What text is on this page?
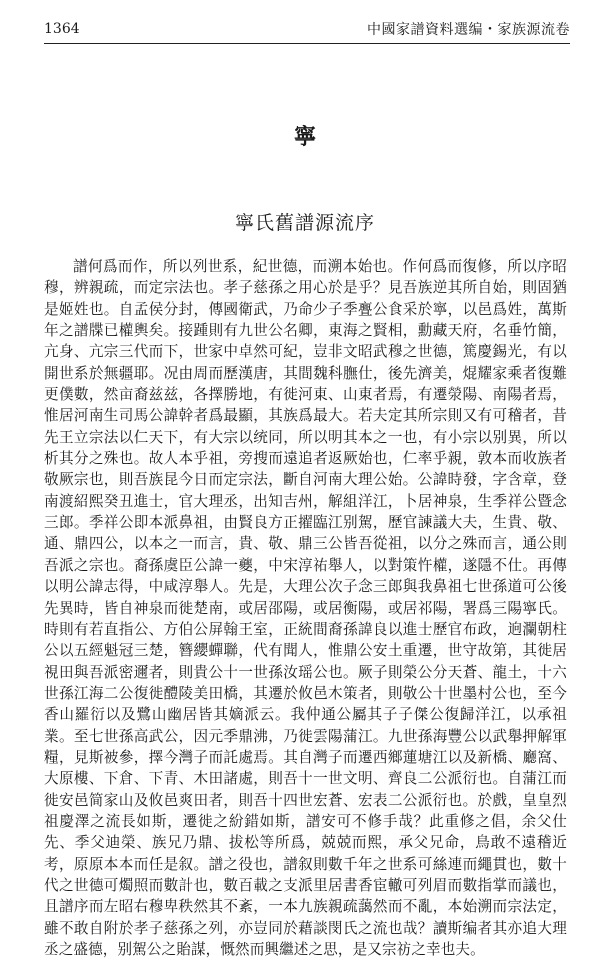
1364	中國家譜資料選编・家族源流卷
寧
寧氏舊譜源流序
譜何爲而作，所以列世系，紀世德，而溯本始也。作何爲而復修，所以序昭穆，辨親疏，而定宗法也。孝子慈孫之用心於是乎？見吾族逆其所自始，則固猶是姬姓也。自孟侯分封，傳國衛武，乃命少子季亹公食采於寧，以邑爲姓，萬斯年之譜牒已權輿矣。接踵則有九世公名卿，東海之賢相，勳藏天府，名垂竹簡，亢身、亢宗三代而下，世家中卓然可紀，豈非文昭武穆之世德，篤慶錫光，有以開世系於無疆耶。况由周而歷漢唐，其間魏科膴仕，後先濟美，焜耀家乘者復難更僕數，然亩裔兹兹，各擇勝地，有徙河東、山東者焉，有遷滎陽、南陽者焉，惟居河南生司馬公諱幹者爲最顯，其族爲最大。若夫定其所宗則又有可稽者，昔先王立宗法以仁天下，有大宗以统同，所以明其本之一也，有小宗以别異，所以析其分之殊也。故人本乎祖，旁搜而遠追者返厥始也，仁率乎親，敦本而收族者敬厥宗也，則吾族昆今日而定宗法，斷自河南大理公始。公諱時發，字含章，登南渡紹熙癸丑進士，官大理丞，出知吉州，解組洋江，卜居神泉，生季祥公暨念三郎。季祥公即本派鼻祖，由賢良方正擢臨江别駕，歷官諫議大夫，生貴、敬、通、鼎四公，以本之一而言，貴、敬、鼎三公皆吾從祖，以分之殊而言，通公則吾派之宗也。裔孫虞臣公諱一夔，中宋淳祐舉人，以對策忤權，遂隱不仕。再傳以明公諱志得，中咸淳舉人。先是，大理公次子念三郎與我鼻祖七世孫道可公後先異時，皆自神泉而徙楚南，或居邵陽，或居衡陽，或居祁陽，署爲三陽寧氏。時則有若直指公、方伯公屏翰王室，正統間裔孫諱良以進士歷官布政，逈瀾朝柱公以五經魁冠三楚，簪纓蟬聯，代有聞人，惟鼎公安土重遷，世守故第，其徙居視田與吾派密邇者，則貴公十一世孫汝瑶公也。厥子則榮公分天蒼、龍土，十六世孫江海二公復徙醴陵美田橋，其遷於攸邑木策者，則敬公十世墨村公也，至今香山羅衍以及鷺山幽居皆其嫡派云。我仲通公屬其子子傑公復歸洋江，以承祖業。至七世孫高武公，因元季鼎沸，乃徙雲陽蒲江。九世孫海豐公以武舉押解軍糧，見斯被參，擇今灣子而託處焉。其自灣子而遷西鄉蓮塘江以及新橋、廳窩、大原樓、下倉、下青、木田諸處，則吾十一世文明、齊良二公派衍也。自蒲江而徙安邑简家山及攸邑爽田者，則吾十四世宏蒼、宏表二公派衍也。於戲，皇皇烈祖慶澤之流長如斯，遷徙之紛錯如斯，譜安可不修手哉？此重修之倡，余父仕先、季父迪榮、族兄乃鼎、拔松等所爲，兢兢而熙，承父兄命，鳥敢不遠稽近考，原原本本而任是叙。譜之役也，譜叙則數千年之世系可絲連而繩貫也，數十代之世德可燭照而數計也，數百載之支派里居書香宦轍可列眉而數指掌而議也，且譜序而左昭右穆卑秩然其不紊，一本九族親疏藹然而不亂，本始溯而宗法定，雖不敢自附於孝子慈孫之列，亦豈同於藉談閔氏之流也哉？讀斯编者其亦追大理丞之盛德，别駕公之貽謀，慨然而興繼述之思，是又宗祊之幸也夫。
